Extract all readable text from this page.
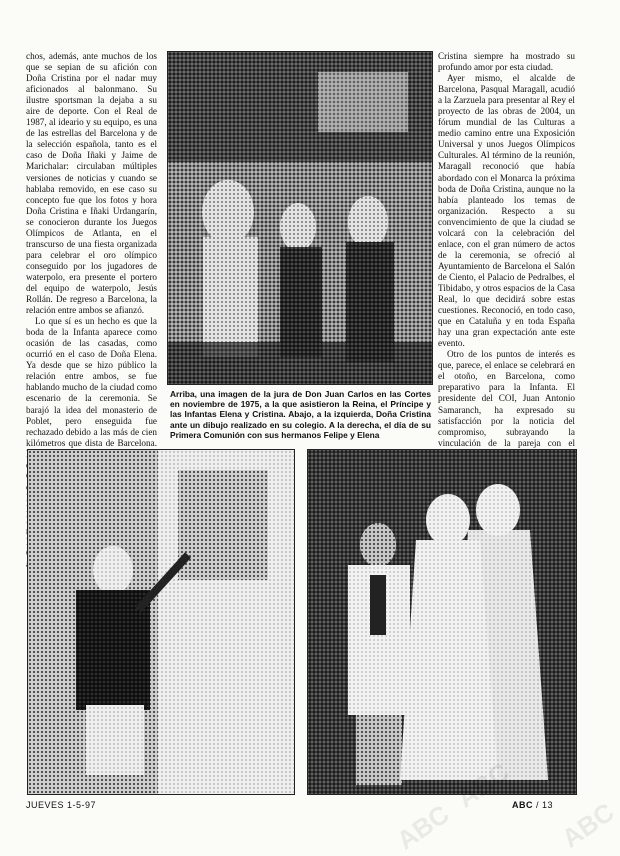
chos, además, ante muchos de los que se sepian de su afición con Doña Cristina por el nadar muy aficionados al balonmano. Su ilustre sportsman la dejaba a su aire de deporte. Con el Real de 1987, al ideario y su equipo, es una de las estrellas del Barcelona y de la selección española, tanto es el caso de Doña Iñaki y Jaime de Marichalar: circulaban múltiples versiones de noticias y cuando se hablaba removido, en ese caso su concepto fue que los fotos y hora Doña Cristina e Iñaki Urdangarín, se conocieron durante los Juegos Olímpicos de Atlanta, en el transcurso de una fiesta organizada para celebrar el oro olímpico conseguido por los jugadores de waterpolo, era presente el portero del equipo de waterpolo, Jesús Rollán. De regreso a Barcelona, la relación entre ambos se afianzó.

Lo que sí es un hecho es que la boda de la Infanta aparece como ocasión de las casadas, como ocurrió en el caso de Doña Elena. Ya desde que se hizo público la relación entre ambos, se fue hablando mucho de la ciudad como escenario de la ceremonia. Se barajó la idea del monasterio de Poblet, pero enseguida fue rechazado debido a las más de cien kilómetros que dista de Barcelona.

Arriba, una imagen de la jura de Don Juan Carlos en las Cortes en noviembre de 1975, a la que asistieron la Reina, el Príncipe y las Infantas Elena y Cristina. Abajo, a la izquierda, Doña Cristina ante un dibujo realizado en su colegio. A la derecha, el día de su Primera Comunión con sus hermanos Felipe y Elena

Cristina siempre ha mostrado su profundo amor por esta ciudad.

Ayer mismo, el alcalde de Barcelona, Pasqual Maragall, acudió a la Zarzuela para presentar al Rey el proyecto de las obras de 2004, un fórum mundial de las Culturas a medio camino entre una Exposición Universal y unos Juegos Olímpicos Culturales. Al término de la reunión, Maragall reconoció que había abordado con el Monarca la próxima boda de Doña Cristina, aunque no la había planteado los temas de organización. Respecto a su convencimiento de que la ciudad se volcará con la celebración del enlace, con el gran número de actos de la ceremonia, se ofreció al Ayuntamiento de Barcelona el Salón de Ciento, el Palacio de Pedralbes, el Tibidabo, y otros espacios de la Casa Real, lo que decidirá sobre estas cuestiones. Reconoció, en todo caso, que en Cataluña y en toda España hay una gran expectación ante este evento.

Otro de los puntos de interés es que, parece, el enlace se celebrará en el otoño, en Barcelona, como preparativo para la Infanta. El presidente del COI, Juan Antonio Samaranch, ha expresado su satisfacción por la noticia del compromiso, subrayando la vinculación de la pareja con el

JUEVES 1-5-97	ABC / 13 ABC
ABC
